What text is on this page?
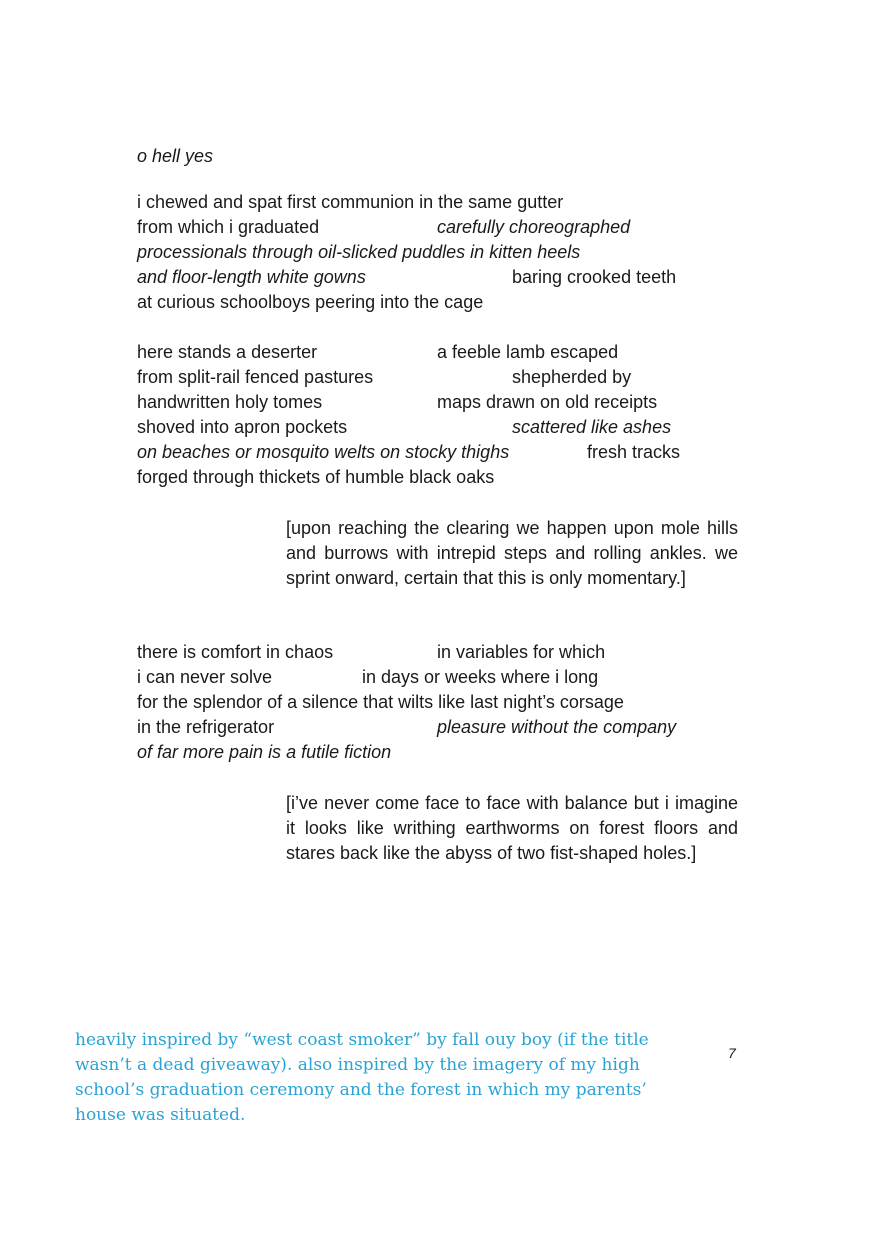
o hell yes
i chewed and spat first communion in the same gutter
from which i graduated	carefully choreographed
processionals through oil-slicked puddles in kitten heels
and floor-length white gowns	baring crooked teeth
at curious schoolboys peering into the cage
here stands a deserter	a feeble lamb escaped
from split-rail fenced pastures	shepherded by
handwritten holy tomes	maps drawn on old receipts
shoved into apron pockets	scattered like ashes
on beaches or mosquito welts on stocky thighs	fresh tracks
forged through thickets of humble black oaks
[upon reaching the clearing we happen upon mole hills and burrows with intrepid steps and rolling ankles. we sprint onward, certain that this is only momentary.]
there is comfort in chaos	in variables for which
i can never solve	in days or weeks where i long
for the splendor of a silence that wilts like last night’s corsage
in the refrigerator	pleasure without the company
of far more pain is a futile fiction
[i’ve never come face to face with balance but i imagine it looks like writhing earthworms on forest floors and stares back like the abyss of two fist-shaped holes.]
heavily inspired by “west coast smoker” by fall ouy boy (if the title wasn’t a dead giveaway). also inspired by the imagery of my high school’s graduation ceremony and the forest in which my parents’ house was situated.
7
